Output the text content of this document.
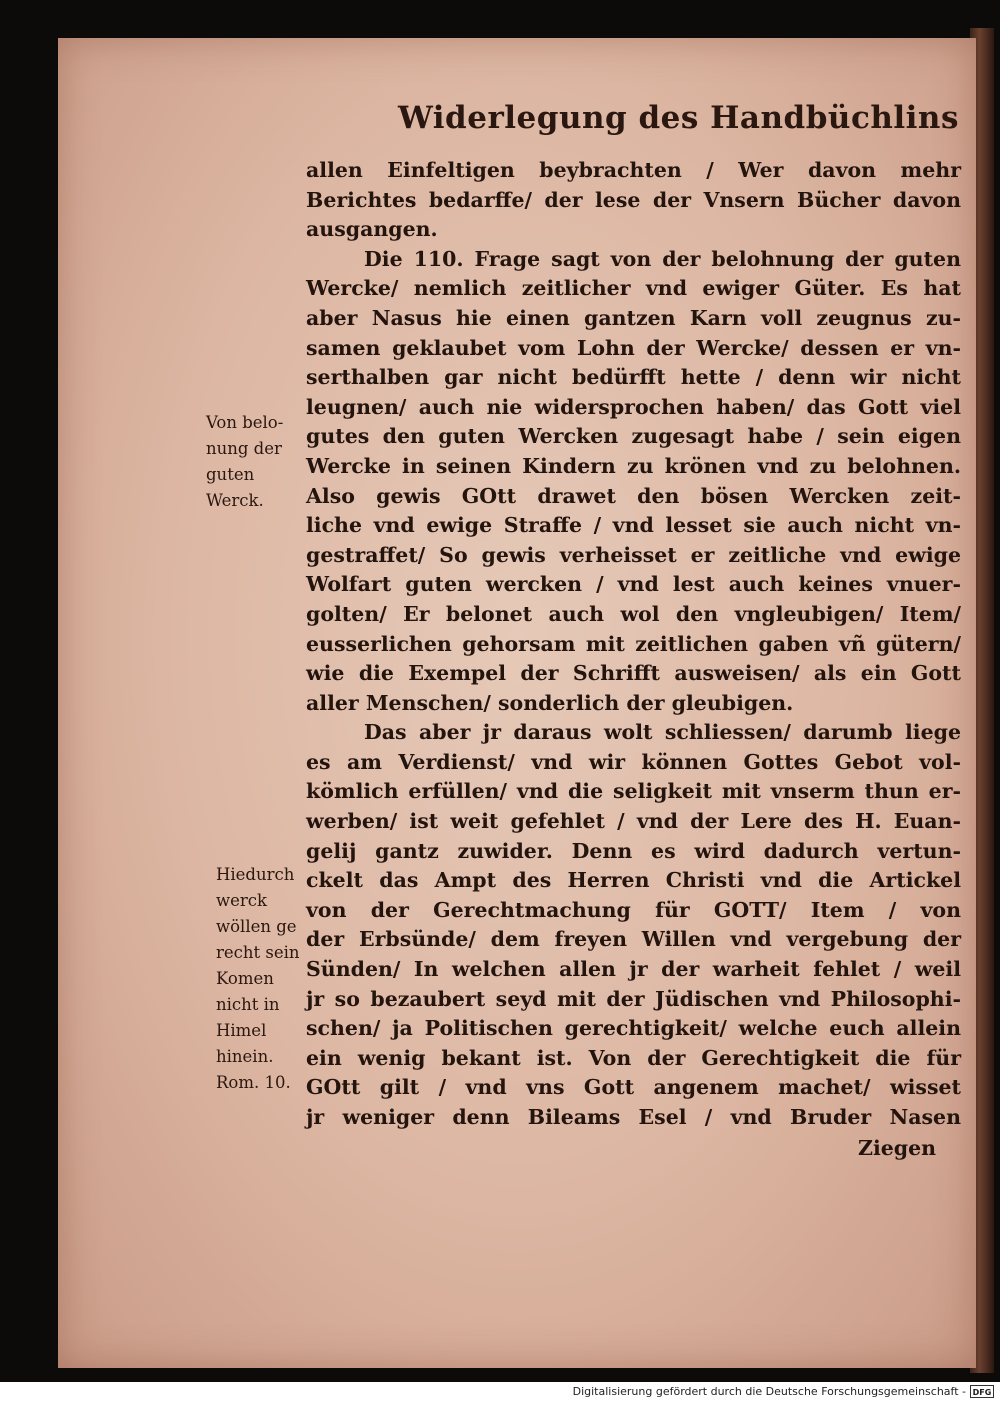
Widerlegung des Handbüchlins
allen Einfeltigen beybrachten / Wer davon mehr
Berichtes bedarffe/ der lese der Vnsern Bücher davon
ausgangen.
Die 110. Frage sagt von der belohnung der guten
Wercke/ nemlich zeitlicher vnd ewiger Güter. Es hat
aber Nasus hie einen gantzen Karn voll zeugnus zu-
samen geklaubet vom Lohn der Wercke/ dessen er vn-
serthalben gar nicht bedürfft hette / denn wir nicht
leugnen/ auch nie widersprochen haben/ das Gott viel
gutes den guten Wercken zugesagt habe / sein eigen
Wercke in seinen Kindern zu krönen vnd zu belohnen.
Also gewis GOtt drawet den bösen Wercken zeit-
liche vnd ewige Straffe / vnd lesset sie auch nicht vn-
gestraffet/ So gewis verheisset er zeitliche vnd ewige
Wolfart guten wercken / vnd lest auch keines vnuer-
golten/ Er belonet auch wol den vngleubigen/ Item/
eusserlichen gehorsam mit zeitlichen gaben vñ gütern/
wie die Exempel der Schrifft ausweisen/ als ein Gott
aller Menschen/ sonderlich der gleubigen.
Das aber jr daraus wolt schliessen/ darumb liege
es am Verdienst/ vnd wir können Gottes Gebot vol-
kömlich erfüllen/ vnd die seligkeit mit vnserm thun er-
werben/ ist weit gefehlet / vnd der Lere des H. Euan-
gelij gantz zuwider. Denn es wird dadurch vertun-
ckelt das Ampt des Herren Christi vnd die Artickel
von der Gerechtmachung für GOTT/ Item / von
der Erbsünde/ dem freyen Willen vnd vergebung der
Sünden/ In welchen allen jr der warheit fehlet / weil
jr so bezaubert seyd mit der Jüdischen vnd Philosophi-
schen/ ja Politischen gerechtigkeit/ welche euch allein
ein wenig bekant ist. Von der Gerechtigkeit die für
GOtt gilt / vnd vns Gott angenem machet/ wisset
jr weniger denn Bileams Esel / vnd Bruder Nasen
Ziegen
Von belo-
nung der
guten
Werck.
Hiedurch
werck
wöllen ge
recht sein
Komen
nicht in
Himel
hinein.
Rom. 10.
Digitalisierung gefördert durch die Deutsche Forschungsgemeinschaft - DFG
